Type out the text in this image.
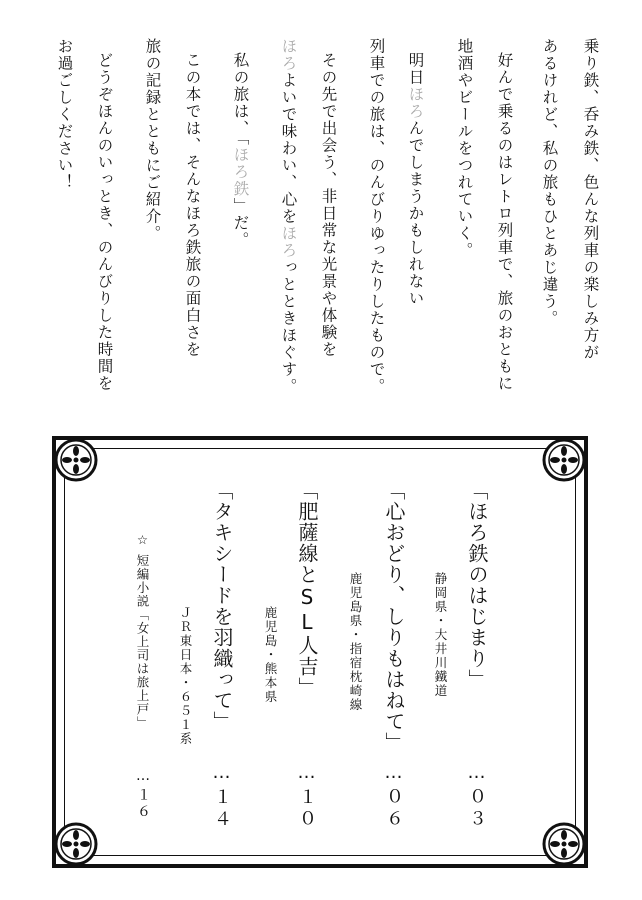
乗り鉄、呑み鉄、色んな列車の楽しみ方が
あるけれど、私の旅もひとあじ違う。
好んで乗るのはレトロ列車で、旅のおともに
地酒やビールをつれていく。
明日ほろんでしまうかもしれない
列車での旅は、のんびりゆったりしたもので。
その先で出会う、非日常な光景や体験を
ほろよいで味わい、心をほろっとときほぐす。
私の旅は、「ほろ鉄」だ。
この本では、そんなほろ鉄旅の面白さを
旅の記録とともにご紹介。
どうぞほんのいっとき、のんびりした時間を
お過ごしください！
「ほろ鉄のはじまり」
静岡県・大井川鐵道
…０３
「心おどり、しりもはねて」
鹿児島県・指宿枕崎線
…０６
「肥薩線とSL人吉」
鹿児島・熊本県
…１０
「タキシードを羽織って」
ＪＲ東日本・６５１系
…１４
☆短編小説「女上司は旅上戸」
…１６
